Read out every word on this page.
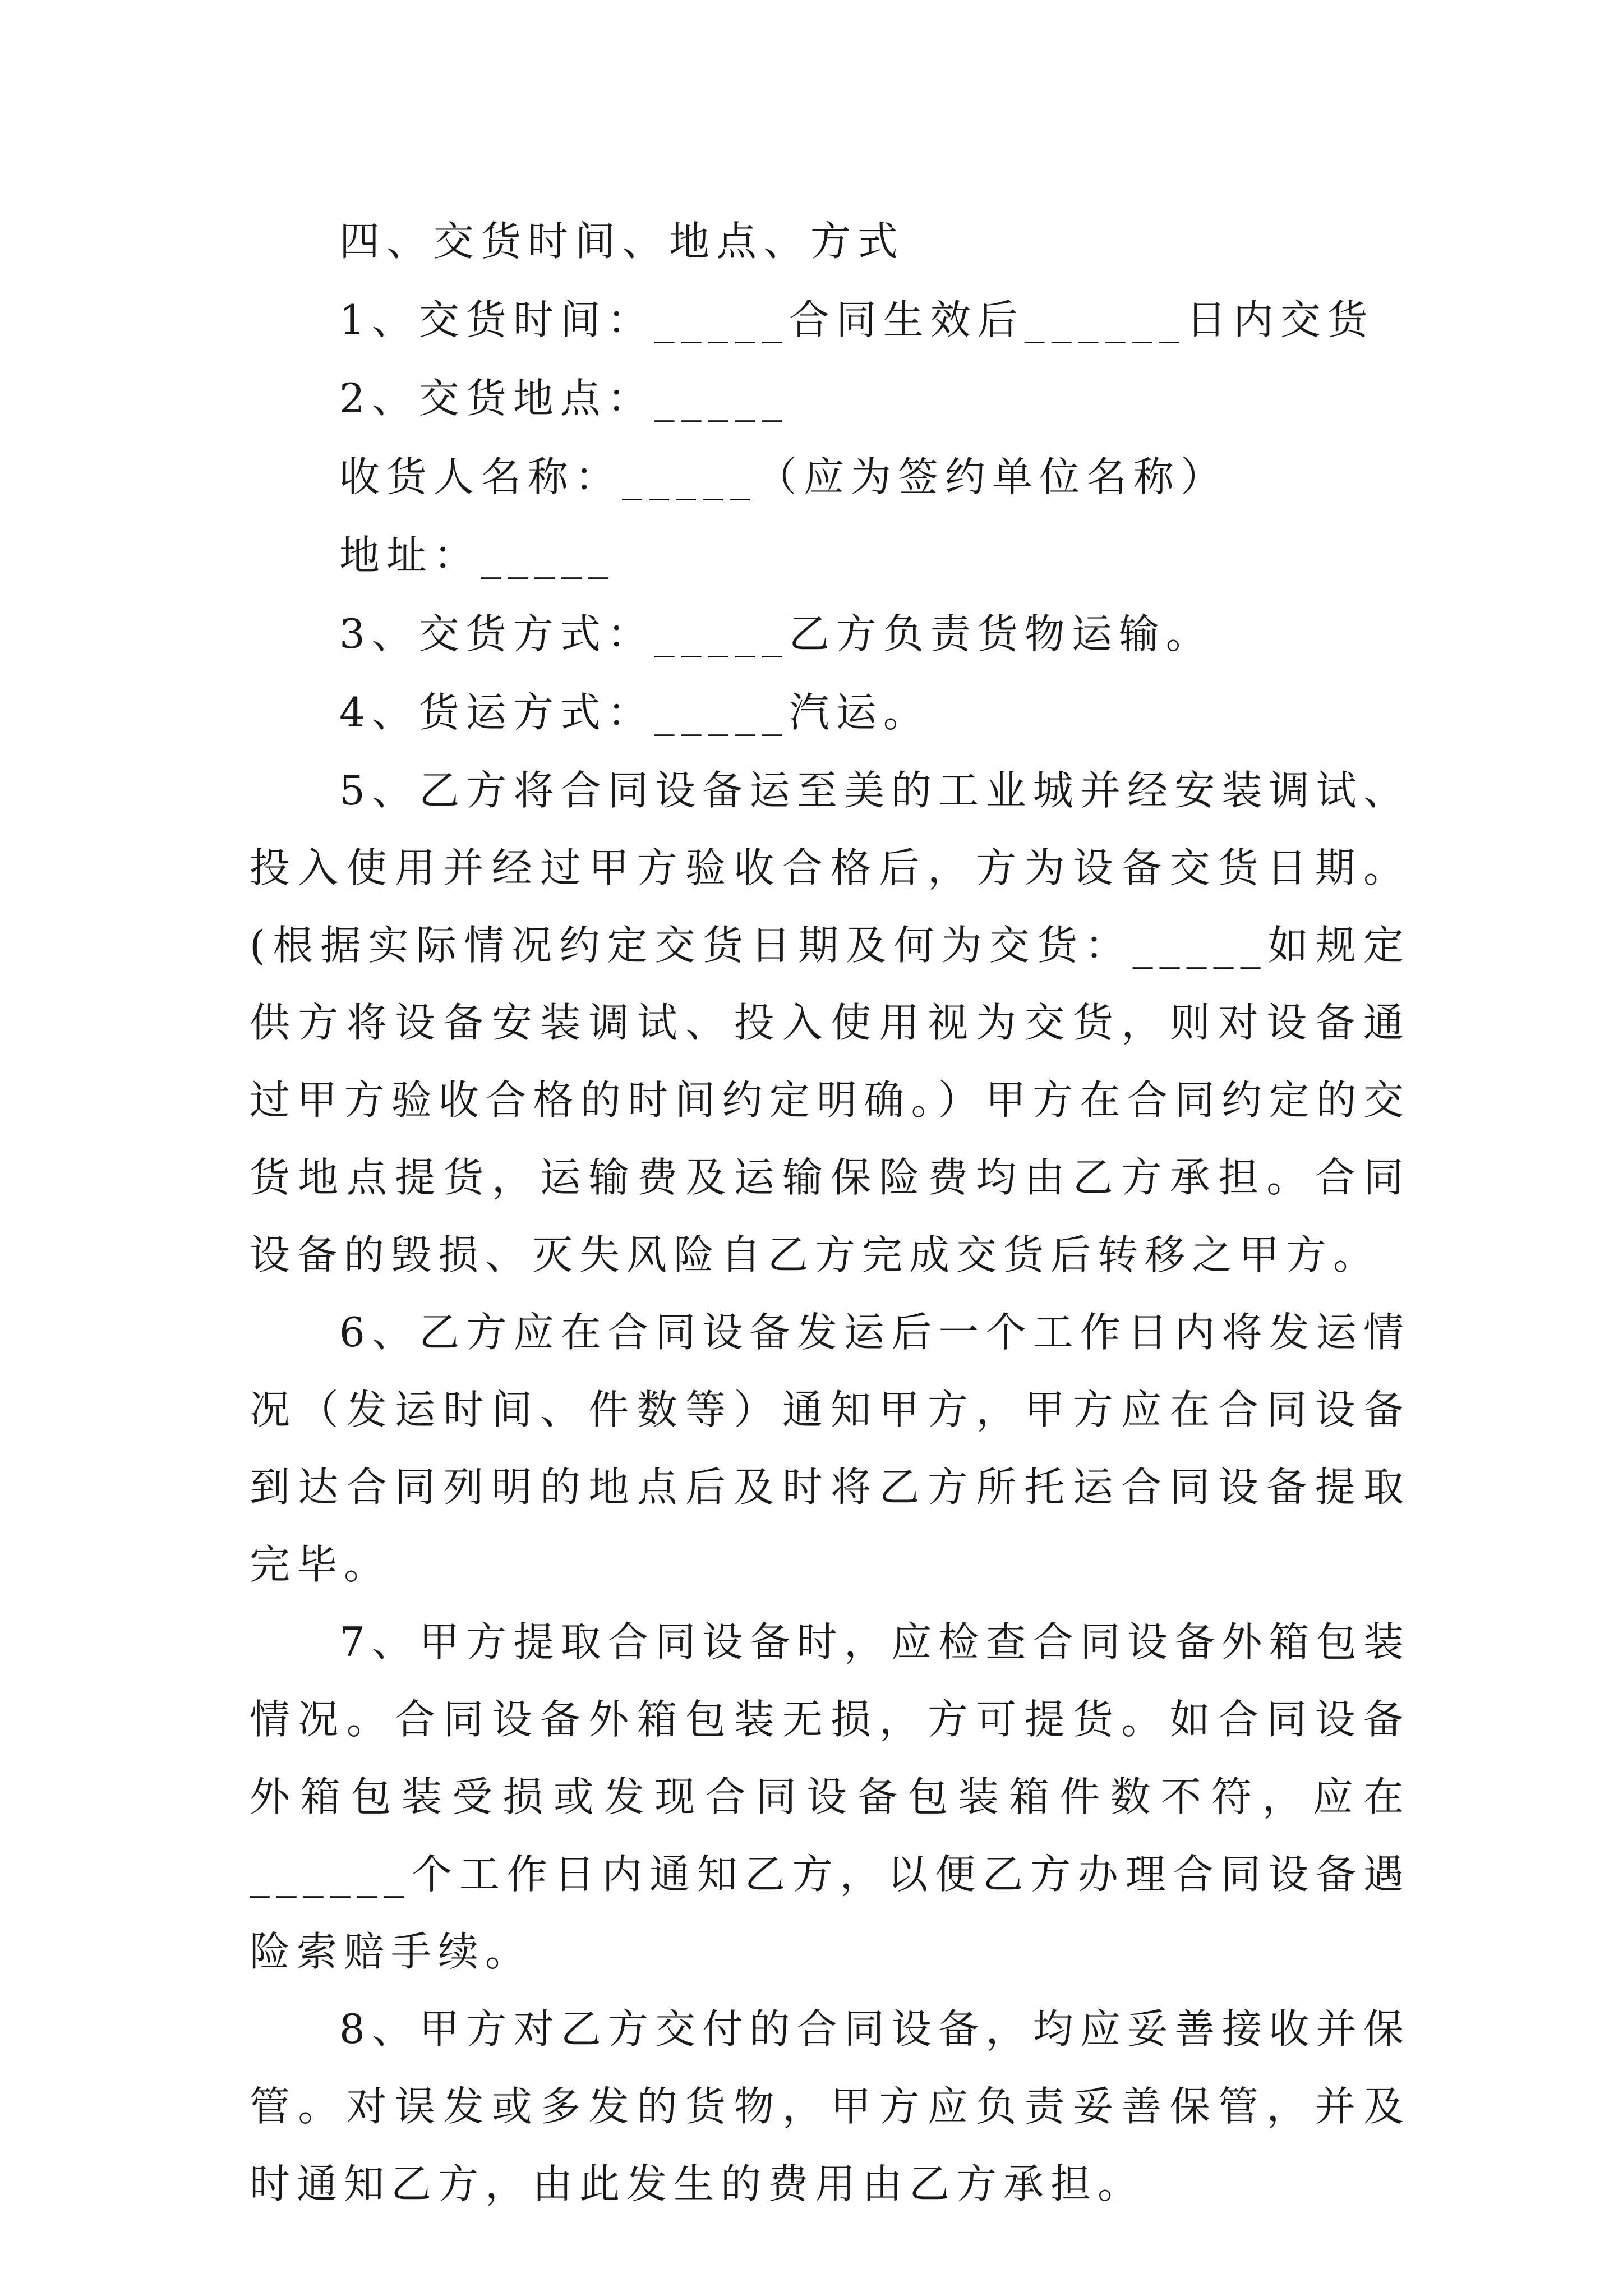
四、交货时间、地点、方式
1、交货时间：_____合同生效后______日内交货
2、交货地点：_____
收货人名称：_____（应为签约单位名称）
地址：_____
3、交货方式：_____乙方负责货物运输。
4、货运方式：_____汽运。

5、乙方将合同设备运至美的工业城并经安装调试、投入使用并经过甲方验收合格后，方为设备交货日期。(根据实际情况约定交货日期及何为交货：_____如规定供方将设备安装调试、投入使用视为交货，则对设备通过甲方验收合格的时间约定明确。）甲方在合同约定的交货地点提货，运输费及运输保险费均由乙方承担。合同设备的毁损、灭失风险自乙方完成交货后转移之甲方。

6、乙方应在合同设备发运后一个工作日内将发运情况（发运时间、件数等）通知甲方，甲方应在合同设备到达合同列明的地点后及时将乙方所托运合同设备提取完毕。

7、甲方提取合同设备时，应检查合同设备外箱包装情况。合同设备外箱包装无损，方可提货。如合同设备外箱包装受损或发现合同设备包装箱件数不符，应在______个工作日内通知乙方，以便乙方办理合同设备遇险索赔手续。

8、甲方对乙方交付的合同设备，均应妥善接收并保管。对误发或多发的货物，甲方应负责妥善保管，并及时通知乙方，由此发生的费用由乙方承担。
